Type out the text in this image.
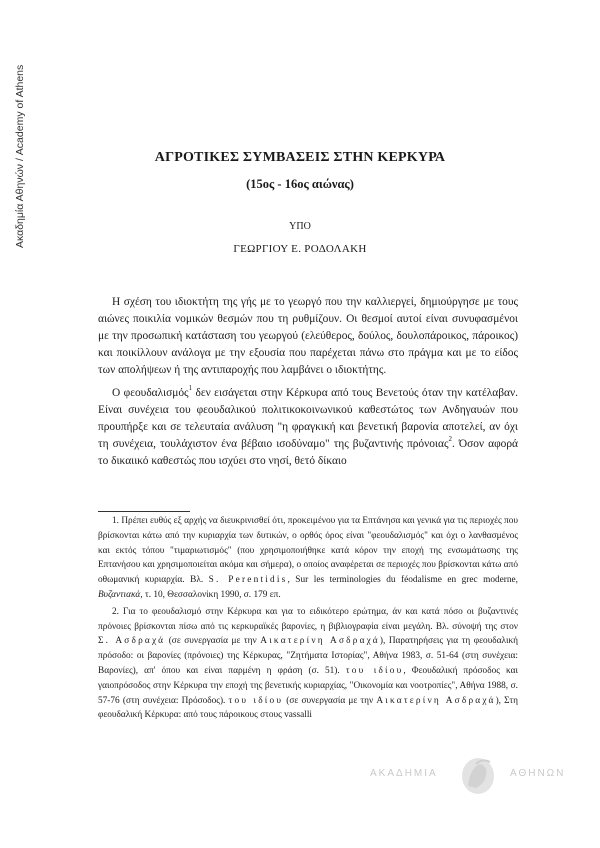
Ακαδημία Αθηνών / Academy of Athens	ΑΓΡΟΤΙΚΕΣ ΣΥΜΒΑΣΕΙΣ ΣΤΗΝ ΚΕΡΚΥΡΑ
(15ος - 16ος αιώνας)
ΥΠΟ
ΓΕΩΡΓΙΟΥ Ε. ΡΟΔΟΛΑΚΗ

Η σχέση του ιδιοκτήτη της γής με το γεωργό που την καλλιεργεί, δημιούργησε με τους αιώνες ποικιλία νομικών θεσμών που τη ρυθμίζουν. Οι θεσμοί αυτοί είναι συνυφασμένοι με την προσωπική κατάσταση του γεωργού (ελεύθερος, δούλος, δουλοπάροικος, πάροικος) και ποικίλλουν ανάλογα με την εξουσία που παρέχεται πάνω στο πράγμα και με το είδος των απολήψεων ή της αντιπαροχής που λαμβάνει ο ιδιοκτήτης.

Ο φεουδαλισμός$^1$ δεν εισάγεται στην Κέρκυρα από τους Βενετούς όταν την κατέλαβαν. Είναι συνέχεια του φεουδαλικού πολιτικοκοινωνικού καθεστώτος των Ανδηγαυών που προυπήρξε και σε τελευταία ανάλυση "η φραγκική και βενετική βαρονία αποτελεί, αν όχι τη συνέχεια, τουλάχιστον ένα βέβαιο ισοδύναμο" της βυζαντινής πρόνοιας$^2$. Όσον αφορά το δικαιικό καθεστώς που ισχύει στο νησί, θετό δίκαιο

1. Πρέπει ευθύς εξ αρχής να διευκρινισθεί ότι, προκειμένου για τα Επτάνησα και γενικά για τις περιοχές που βρίσκονται κάτω από την κυριαρχία των δυτικών, ο ορθός όρος είναι "φεουδαλισμός" και όχι ο λανθασμένος και εκτός τόπου "τιμαριωτισμός" (που χρησιμοποιήθηκε κατά κόρον την εποχή της ενσωμάτωσης της Επτανήσου και χρησιμοποιείται ακόμα και σήμερα), ο οποίος αναφέρεται σε περιοχές που βρίσκονται κάτω από οθωμανική κυριαρχία. Βλ. S. Perentidis, Sur les terminologies du féodalisme en grec moderne, Βυζαντιακά, τ. 10, Θεσσαλονίκη 1990, σ. 179 επ.

2. Για το φεουδαλισμό στην Κέρκυρα και για το ειδικότερο ερώτημα, άν και κατά πόσο οι βυζαντινές πρόνοιες βρίσκονται πίσω από τις κερκυραϊκές βαρονίες, η βιβλιογραφία είναι μεγάλη. Βλ. σύνοψή της στον Σ. Ασδραχά (σε συνεργασία με την Αικατερίνη Ασδραχά), Παρατηρήσεις για τη φεουδαλική πρόσοδο: οι βαρονίες (πρόνοιες) της Κέρκυρας, "Ζητήματα Ιστορίας", Αθήνα 1983, σ. 51-64 (στη συνέχεια: Βαρονίες), απ' όπου και είναι παρμένη η φράση (σ. 51). του ιδίου, Φεουδαλική πρόσοδος και γαιοπρόσοδος στην Κέρκυρα την εποχή της βενετικής κυριαρχίας, "Οικονομία και νοοτροπίες", Αθήνα 1988, σ. 57-76 (στη συνέχεια: Πρόσοδος). του ιδίου (σε συνεργασία με την Αικατερίνη Ασδραχά), Στη φεουδαλική Κέρκυρα: από τους πάροικους στους vassalli

ΑΚΑΔΗΜΙΑ	ΑΘΗΝΩΝ
